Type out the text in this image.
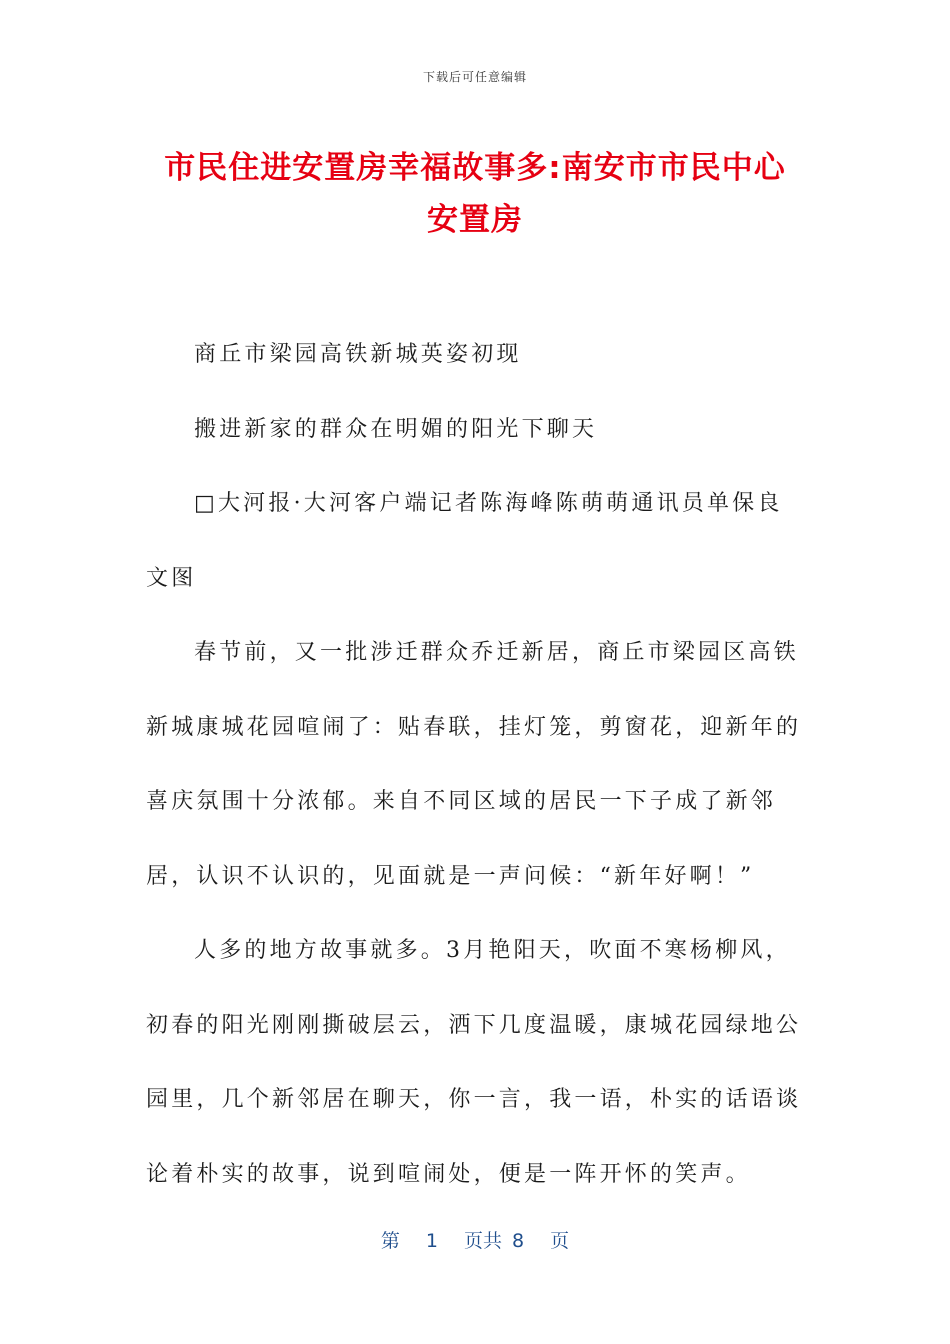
下载后可任意编辑
市民住进安置房幸福故事多:南安市市民中心
安置房

商丘市梁园高铁新城英姿初现

搬进新家的群众在明媚的阳光下聊天

□大河报·大河客户端记者陈海峰陈萌萌通讯员单保良文图

春节前，又一批涉迁群众乔迁新居，商丘市梁园区高铁新城康城花园喧闹了：贴春联，挂灯笼，剪窗花，迎新年的喜庆氛围十分浓郁。来自不同区域的居民一下子成了新邻居，认识不认识的，见面就是一声问候：“新年好啊！”

人多的地方故事就多。3月艳阳天，吹面不寒杨柳风，初春的阳光刚刚撕破层云，洒下几度温暖，康城花园绿地公园里，几个新邻居在聊天，你一言，我一语，朴实的话语谈论着朴实的故事，说到喧闹处，便是一阵开怀的笑声。

第 1 页共 8 页
